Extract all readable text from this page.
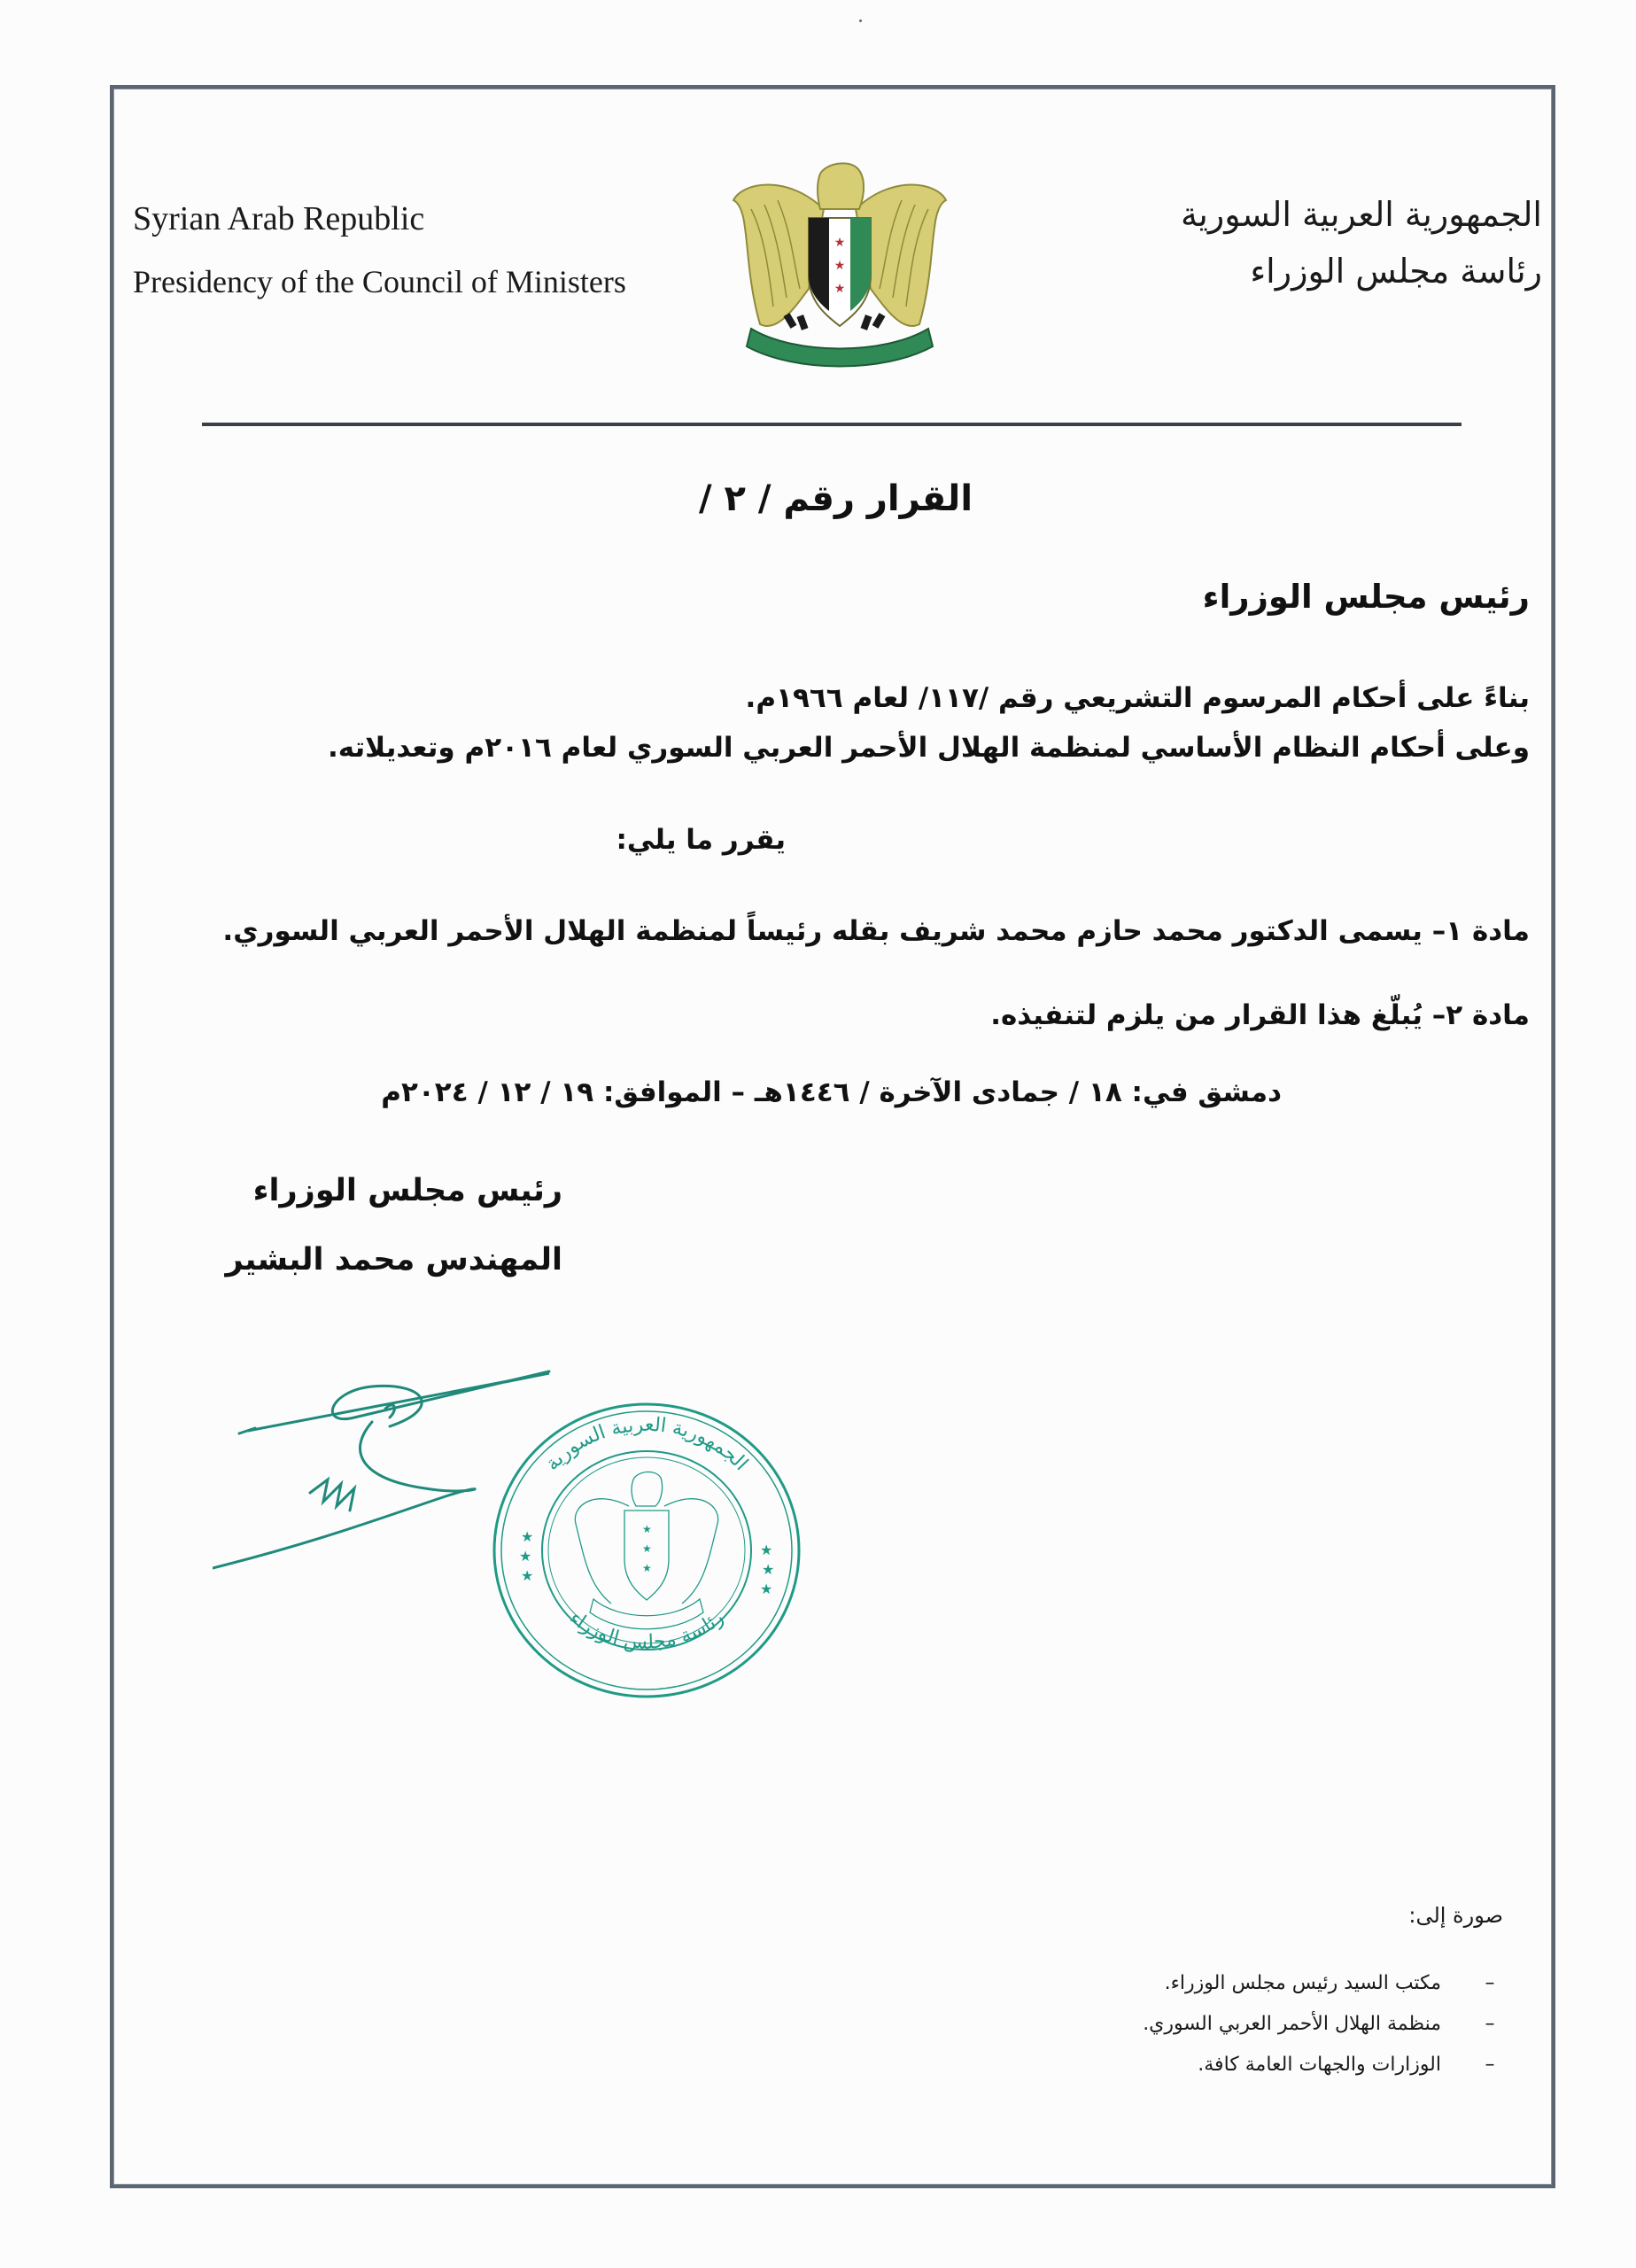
Syrian Arab Republic
Presidency of the Council of Ministers
★
★
★
الجمهورية العربية السورية
رئاسة مجلس الوزراء
القرار رقم / ٢ /
رئيس مجلس الوزراء
بناءً على أحكام المرسوم التشريعي رقم /١١٧/ لعام ١٩٦٦م.
وعلى أحكام النظام الأساسي لمنظمة الهلال الأحمر العربي السوري لعام ٢٠١٦م وتعديلاته.
يقرر ما يلي:
مادة ١– يسمى الدكتور محمد حازم محمد شريف بقله رئيساً لمنظمة الهلال الأحمر العربي السوري.
مادة ٢– يُبلّغ هذا القرار من يلزم لتنفيذه.
دمشق في: ١٨ / جمادى الآخرة / ١٤٤٦هـ – الموافق: ١٩ / ١٢ / ٢٠٢٤م
رئيس مجلس الوزراء
المهندس محمد البشير
الجمهورية العربية السورية
رئاسة مجلس الوزراء
★
★
★
★
★
★
★
★
★
صورة إلى:
–
مكتب السيد رئيس مجلس الوزراء.
–
منظمة الهلال الأحمر العربي السوري.
–
الوزارات والجهات العامة كافة.
